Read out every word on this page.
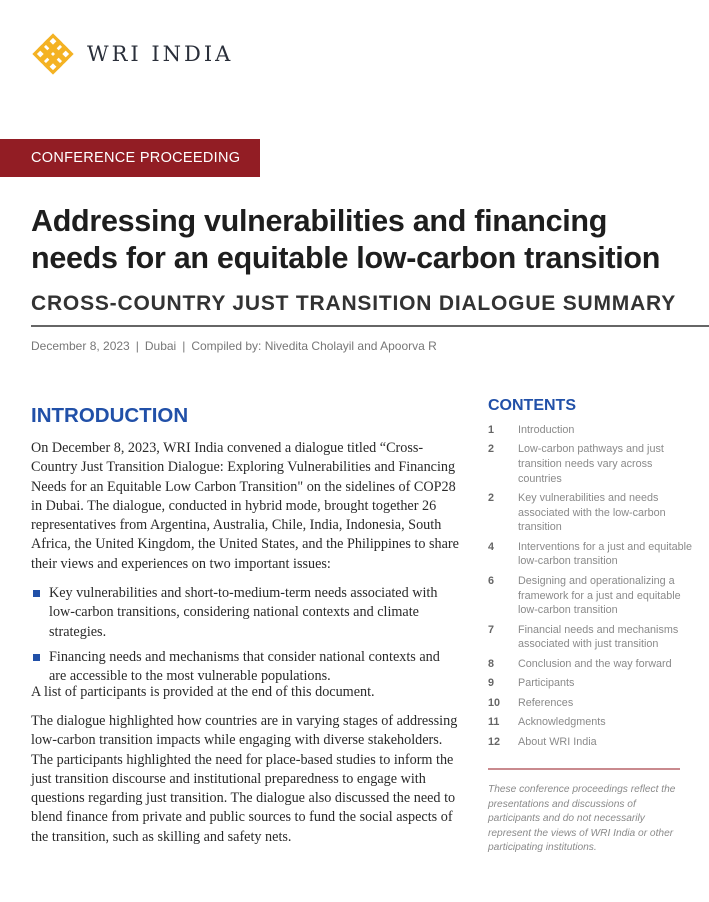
WRI INDIA
CONFERENCE PROCEEDING
Addressing vulnerabilities and financing
needs for an equitable low-carbon transition
CROSS-COUNTRY JUST TRANSITION DIALOGUE SUMMARY
December 8, 2023 | Dubai | Compiled by: Nivedita Cholayil and Apoorva R
INTRODUCTION

On December 8, 2023, WRI India convened a dialogue titled “Cross-Country Just Transition Dialogue: Exploring Vulnerabilities and Financing Needs for an Equitable Low Carbon Transition" on the sidelines of COP28 in Dubai. The dialogue, conducted in hybrid mode, brought together 26 representatives from Argentina, Australia, Chile, India, Indonesia, South Africa, the United Kingdom, the United States, and the Philippines to share their views and experiences on two important issues:

Key vulnerabilities and short-to-medium-term needs associated with low-carbon transitions, considering national contexts and climate strategies.
Financing needs and mechanisms that consider national contexts and are accessible to the most vulnerable populations.

A list of participants is provided at the end of this document.

The dialogue highlighted how countries are in varying stages of addressing low-carbon transition impacts while engaging with diverse stakeholders. The participants highlighted the need for place-based studies to inform the just transition discourse and institutional preparedness to engage with questions regarding just transition. The dialogue also discussed the need to blend finance from private and public sources to fund the social aspects of the transition, such as skilling and safety nets.

CONTENTS
1	Introduction
2	Low-carbon pathways and just transition needs vary across countries
2	Key vulnerabilities and needs associated with the low-carbon transition
4	Interventions for a just and equitable low-carbon transition
6	Designing and operationalizing a framework for a just and equitable low-carbon transition
7	Financial needs and mechanisms associated with just transition
8	Conclusion and the way forward
9	Participants
10	References
11	Acknowledgments
12	About WRI India

These conference proceedings reflect the presentations and discussions of participants and do not necessarily represent the views of WRI India or other participating institutions.
